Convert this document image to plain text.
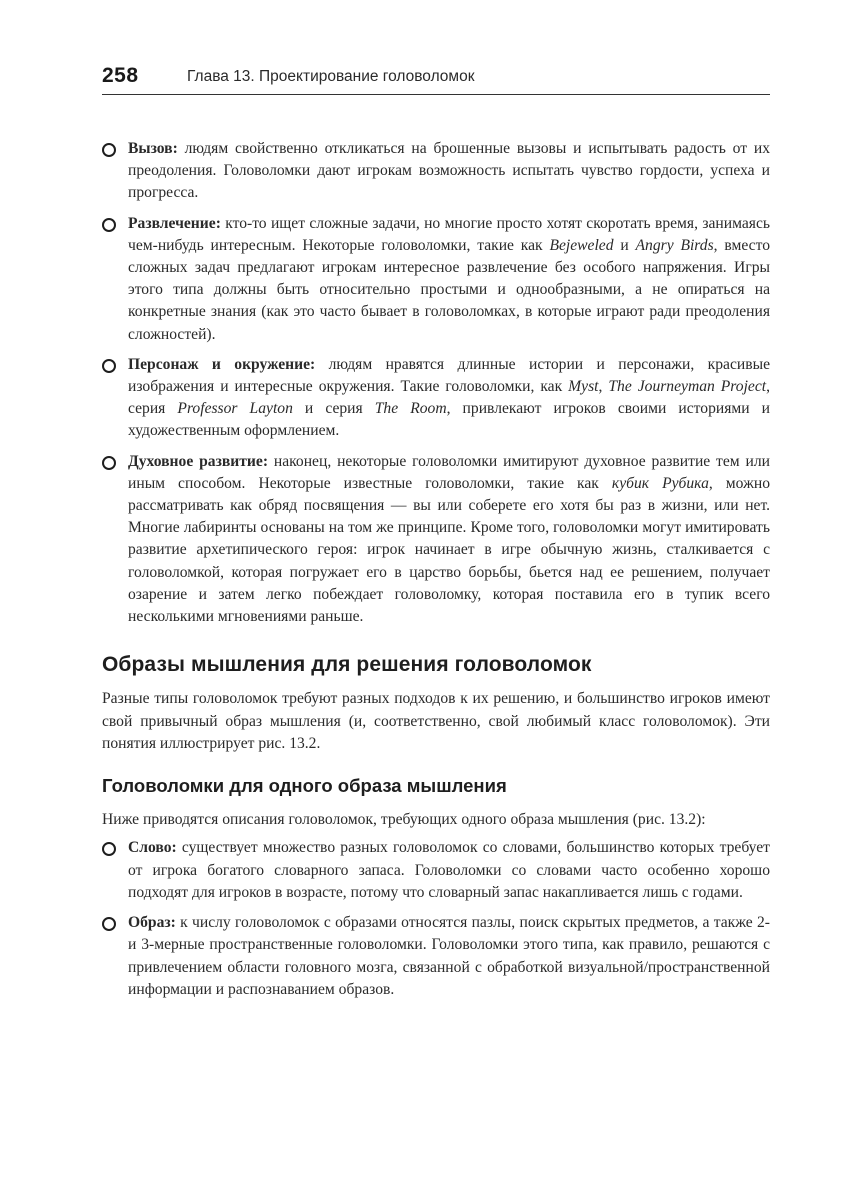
258	Глава 13. Проектирование головоломок
Вызов: людям свойственно откликаться на брошенные вызовы и испытывать радость от их преодоления. Головоломки дают игрокам возможность испытать чувство гордости, успеха и прогресса.
Развлечение: кто-то ищет сложные задачи, но многие просто хотят скоротать время, занимаясь чем-нибудь интересным. Некоторые головоломки, такие как Bejeweled и Angry Birds, вместо сложных задач предлагают игрокам интересное развлечение без особого напряжения. Игры этого типа должны быть относительно простыми и однообразными, а не опираться на конкретные знания (как это часто бывает в головоломках, в которые играют ради преодоления сложностей).
Персонаж и окружение: людям нравятся длинные истории и персонажи, красивые изображения и интересные окружения. Такие головоломки, как Myst, The Journeyman Project, серия Professor Layton и серия The Room, привлекают игроков своими историями и художественным оформлением.
Духовное развитие: наконец, некоторые головоломки имитируют духовное развитие тем или иным способом. Некоторые известные головоломки, такие как кубик Рубика, можно рассматривать как обряд посвящения — вы или соберете его хотя бы раз в жизни, или нет. Многие лабиринты основаны на том же принципе. Кроме того, головоломки могут имитировать развитие архетипического героя: игрок начинает в игре обычную жизнь, сталкивается с головоломкой, которая погружает его в царство борьбы, бьется над ее решением, получает озарение и затем легко побеждает головоломку, которая поставила его в тупик всего несколькими мгновениями раньше.
Образы мышления для решения головоломок

Разные типы головоломок требуют разных подходов к их решению, и большинство игроков имеют свой привычный образ мышления (и, соответственно, свой любимый класс головоломок). Эти понятия иллюстрирует рис. 13.2.

Головоломки для одного образа мышления

Ниже приводятся описания головоломок, требующих одного образа мышления (рис. 13.2):

Слово: существует множество разных головоломок со словами, большинство которых требует от игрока богатого словарного запаса. Головоломки со словами часто особенно хорошо подходят для игроков в возрасте, потому что словарный запас накапливается лишь с годами.
Образ: к числу головоломок с образами относятся пазлы, поиск скрытых предметов, а также 2- и 3-мерные пространственные головоломки. Головоломки этого типа, как правило, решаются с привлечением области головного мозга, связанной с обработкой визуальной/пространственной информации и распознаванием образов.
